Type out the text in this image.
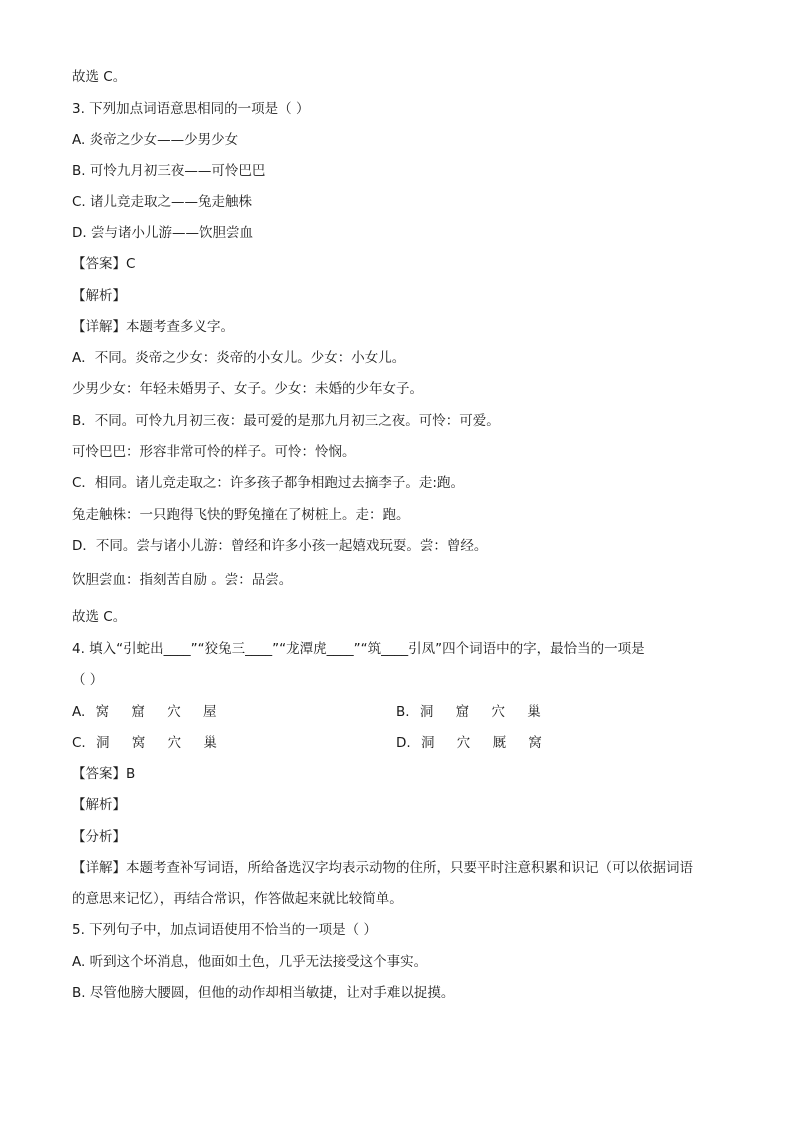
故选 C。
3. 下列加点词语意思相同的一项是（ ）
A. 炎帝之少女——少男少女
B. 可怜九月初三夜——可怜巴巴
C. 诸儿竞走取之——兔走触株
D. 尝与诸小儿游——饮胆尝血
【答案】C
【解析】
【详解】本题考查多义字。
A．不同。炎帝之少女：炎帝的小女儿。少女：小女儿。
少男少女：年轻未婚男子、女子。少女：未婚的少年女子。
B．不同。可怜九月初三夜：最可爱的是那九月初三之夜。可怜：可爱。
可怜巴巴：形容非常可怜的样子。可怜：怜悯。
C．相同。诸儿竞走取之：许多孩子都争相跑过去摘李子。走:跑。
兔走触株：一只跑得飞快的野兔撞在了树桩上。走：跑。
D．不同。尝与诸小儿游：曾经和许多小孩一起嬉戏玩耍。尝：曾经。
饮胆尝血：指刻苦自励 。尝：品尝。
故选 C。
4. 填入“引蛇出____”“狡兔三____”“龙潭虎____”“筑____引凤”四个词语中的字，最恰当的一项是
（ ）
A. 窝 窟 穴 屋	B. 洞 窟 穴 巢
C. 洞 窝 穴 巢	D. 洞 穴 厩 窝
【答案】B
【解析】
【分析】
【详解】本题考查补写词语，所给备选汉字均表示动物的住所，只要平时注意积累和识记（可以依据词语
的意思来记忆），再结合常识，作答做起来就比较简单。
5. 下列句子中，加点词语使用不恰当的一项是（ ）
A. 听到这个坏消息，他面如土色，几乎无法接受这个事实。
B. 尽管他膀大腰圆，但他的动作却相当敏捷，让对手难以捉摸。
